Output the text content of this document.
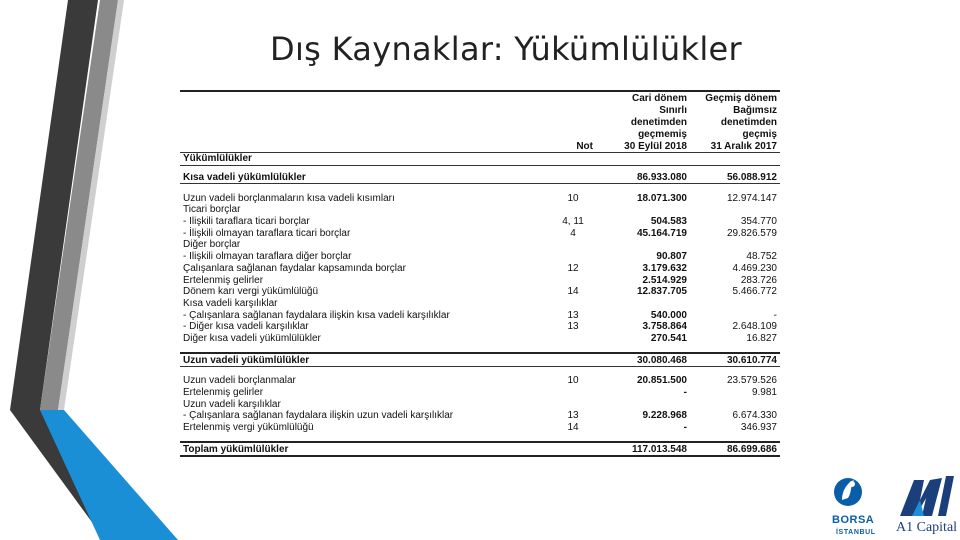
Dış Kaynaklar: Yükümlülükler
		Cari dönem	Geçmiş dönem
		Sınırlı	Bağımsız
		denetimden	denetimden
		geçmemiş	geçmiş
	Not	30 Eylül 2018	31 Aralık 2017
Yükümlülükler			

Kısa vadeli yükümlülükler		86.933.080	56.088.912

Uzun vadeli borçlanmaların kısa vadeli kısımları	10	18.071.300	12.974.147
Ticari borçlar			
- İlişkili taraflara ticari borçlar	4, 11	504.583	354.770
- İlişkili olmayan taraflara ticari borçlar	4	45.164.719	29.826.579
Diğer borçlar			
- İlişkili olmayan taraflara diğer borçlar		90.807	48.752
Çalışanlara sağlanan faydalar kapsamında borçlar	12	3.179.632	4.469.230
Ertelenmiş gelirler		2.514.929	283.726
Dönem karı vergi yükümlülüğü	14	12.837.705	5.466.772
Kısa vadeli karşılıklar			
- Çalışanlara sağlanan faydalara ilişkin kısa vadeli karşılıklar	13	540.000	-
- Diğer kısa vadeli karşılıklar	13	3.758.864	2.648.109
Diğer kısa vadeli yükümlülükler		270.541	16.827

Uzun vadeli yükümlülükler		30.080.468	30.610.774

Uzun vadeli borçlanmalar	10	20.851.500	23.579.526
Ertelenmiş gelirler		-	9.981
Uzun vadeli karşılıklar			
- Çalışanlara sağlanan faydalara ilişkin uzun vadeli karşılıklar	13	9.228.968	6.674.330
Ertelenmiş vergi yükümlülüğü	14	-	346.937

Toplam yükümlülükler		117.013.548	86.699.686
BORSA
İSTANBUL A1 Capital
